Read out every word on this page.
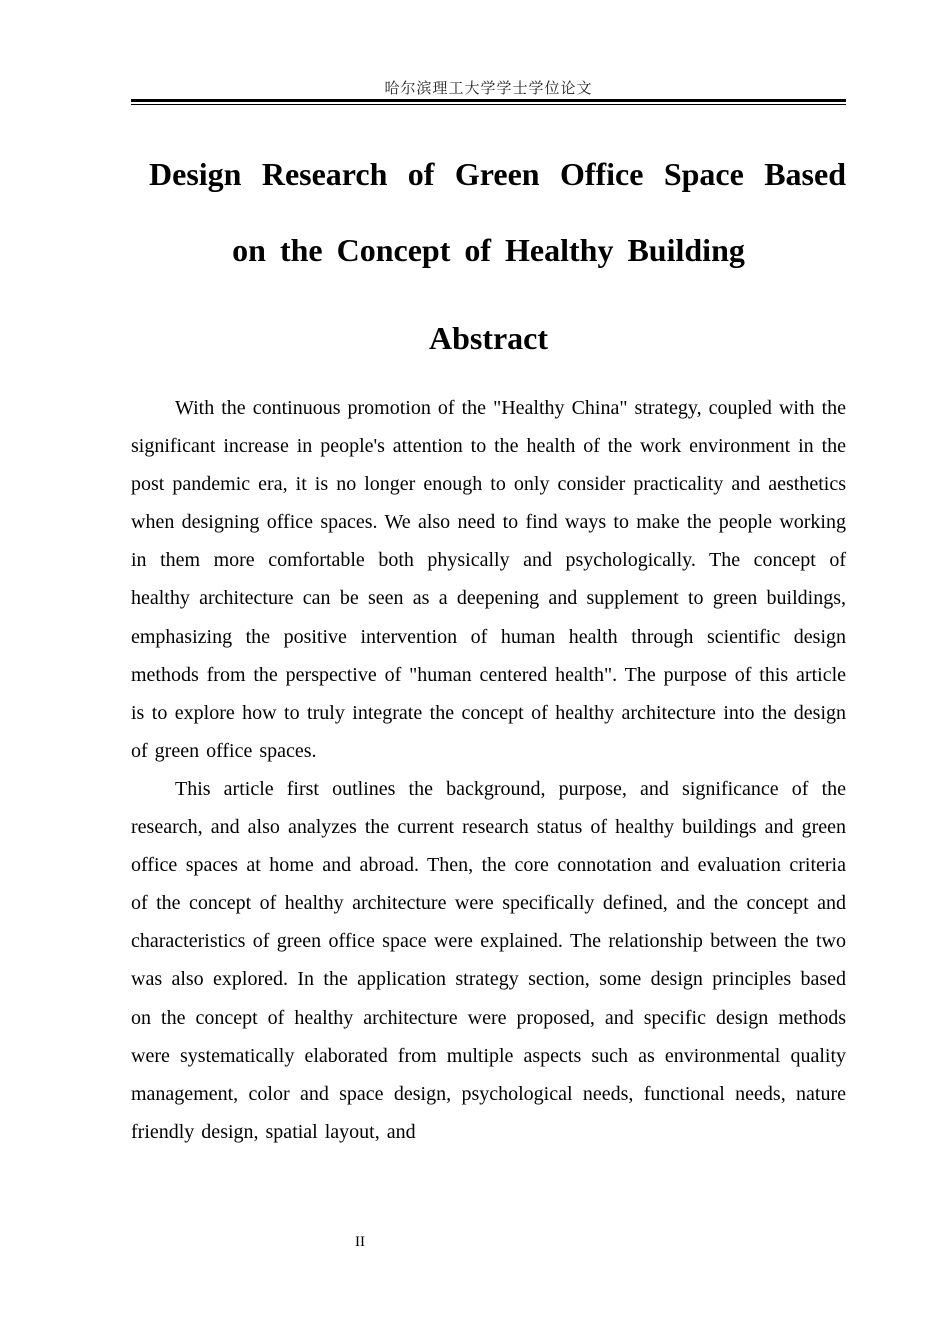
哈尔滨理工大学学士学位论文
Design Research of Green Office Space Based
on the Concept of Healthy Building
Abstract

With the continuous promotion of the "Healthy China" strategy, coupled with the significant increase in people's attention to the health of the work environment in the post pandemic era, it is no longer enough to only consider practicality and aesthetics when designing office spaces. We also need to find ways to make the people working in them more comfortable both physically and psychologically. The concept of healthy architecture can be seen as a deepening and supplement to green buildings, emphasizing the positive intervention of human health through scientific design methods from the perspective of "human centered health". The purpose of this article is to explore how to truly integrate the concept of healthy architecture into the design of green office spaces.

This article first outlines the background, purpose, and significance of the research, and also analyzes the current research status of healthy buildings and green office spaces at home and abroad. Then, the core connotation and evaluation criteria of the concept of healthy architecture were specifically defined, and the concept and characteristics of green office space were explained. The relationship between the two was also explored. In the application strategy section, some design principles based on the concept of healthy architecture were proposed, and specific design methods were systematically elaborated from multiple aspects such as environmental quality management, color and space design, psychological needs, functional needs, nature friendly design, spatial layout, and

II
